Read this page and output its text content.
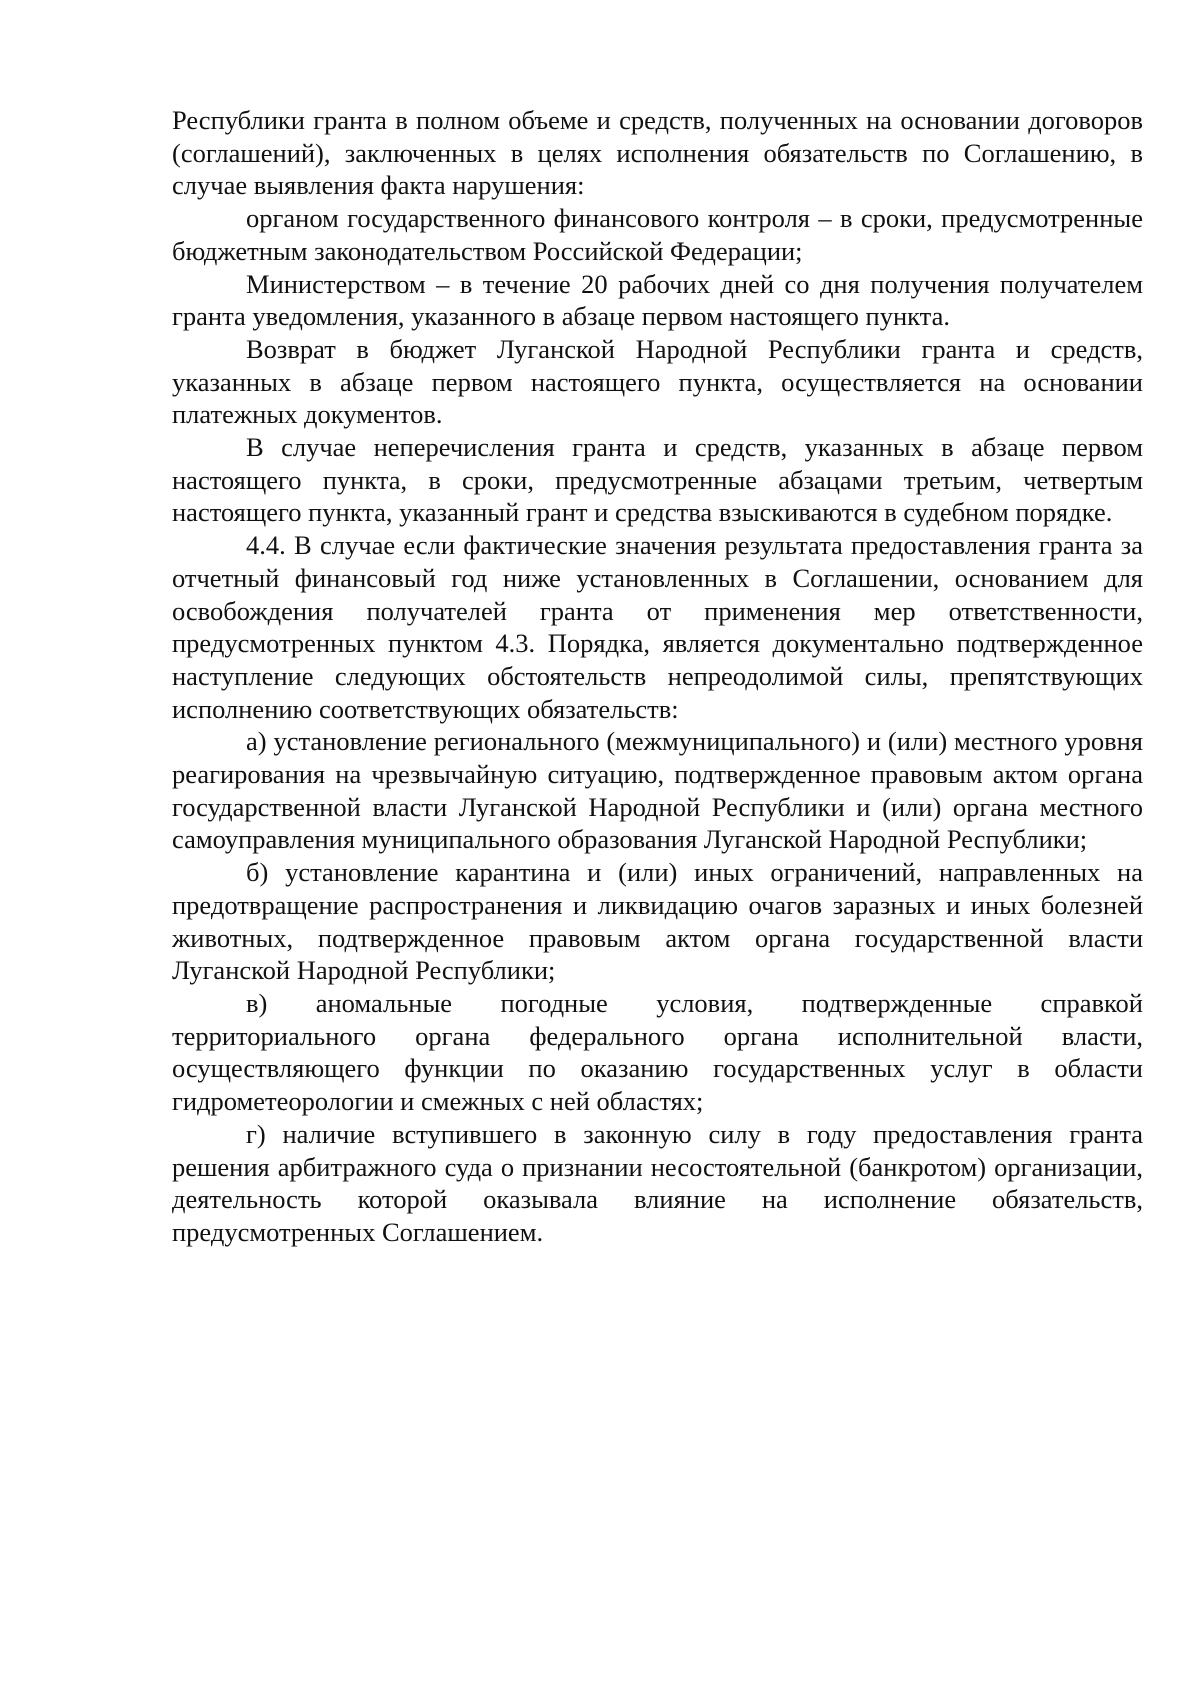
Республики гранта в полном объеме и средств, полученных на основании договоров (соглашений), заключенных в целях исполнения обязательств по Соглашению, в случае выявления факта нарушения:

органом государственного финансового контроля – в сроки, предусмотренные бюджетным законодательством Российской Федерации;

Министерством – в течение 20 рабочих дней со дня получения получателем гранта уведомления, указанного в абзаце первом настоящего пункта.

Возврат в бюджет Луганской Народной Республики гранта и средств, указанных в абзаце первом настоящего пункта, осуществляется на основании платежных документов.

В случае неперечисления гранта и средств, указанных в абзаце первом настоящего пункта, в сроки, предусмотренные абзацами третьим, четвертым настоящего пункта, указанный грант и средства взыскиваются в судебном порядке.

4.4. В случае если фактические значения результата предоставления гранта за отчетный финансовый год ниже установленных в Соглашении, основанием для освобождения получателей гранта от применения мер ответственности, предусмотренных пунктом 4.3. Порядка, является документально подтвержденное наступление следующих обстоятельств непреодолимой силы, препятствующих исполнению соответствующих обязательств:

а) установление регионального (межмуниципального) и (или) местного уровня реагирования на чрезвычайную ситуацию, подтвержденное правовым актом органа государственной власти Луганской Народной Республики и (или) органа местного самоуправления муниципального образования Луганской Народной Республики;

б) установление карантина и (или) иных ограничений, направленных на предотвращение распространения и ликвидацию очагов заразных и иных болезней животных, подтвержденное правовым актом органа государственной власти Луганской Народной Республики;

в) аномальные погодные условия, подтвержденные справкой территориального органа федерального органа исполнительной власти, осуществляющего функции по оказанию государственных услуг в области гидрометеорологии и смежных с ней областях;

г) наличие вступившего в законную силу в году предоставления гранта решения арбитражного суда о признании несостоятельной (банкротом) организации, деятельность которой оказывала влияние на исполнение обязательств, предусмотренных Соглашением.
